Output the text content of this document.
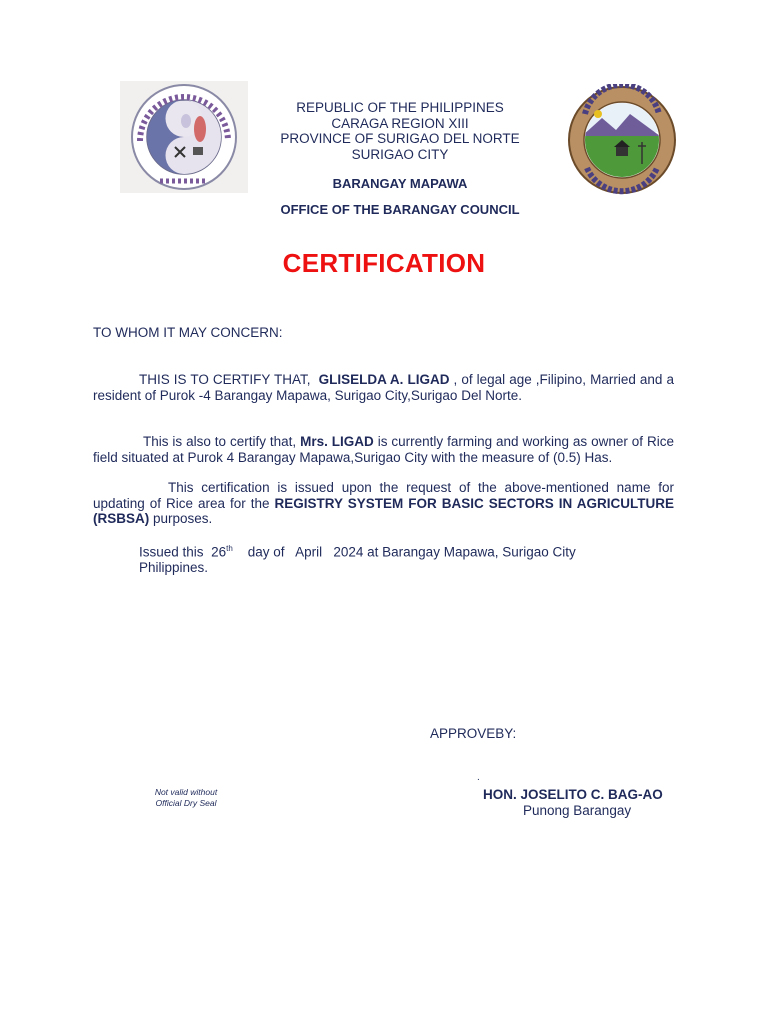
REPUBLIC OF THE PHILIPPINES
CARAGA REGION XIII
PROVINCE OF SURIGAO DEL NORTE
SURIGAO CITY
BARANGAY MAPAWA
OFFICE OF THE BARANGAY COUNCIL
CERTIFICATION
TO WHOM IT MAY CONCERN:
THIS IS TO CERTIFY THAT, GLISELDA A. LIGAD , of legal age ,Filipino, Married and a resident of Purok -4 Barangay Mapawa, Surigao City,Surigao Del Norte.
This is also to certify that, Mrs. LIGAD is currently farming and working as owner of Rice field situated at Purok 4 Barangay Mapawa,Surigao City with the measure of (0.5) Has.
This certification is issued upon the request of the above-mentioned name for updating of Rice area for the REGISTRY SYSTEM FOR BASIC SECTORS IN AGRICULTURE (RSBSA) purposes.
Issued this 26th day of April 2024 at Barangay Mapawa, Surigao City
Philippines.
APPROVEBY:
.
HON. JOSELITO C. BAG-AO
Punong Barangay
Not valid without
Official Dry Seal
